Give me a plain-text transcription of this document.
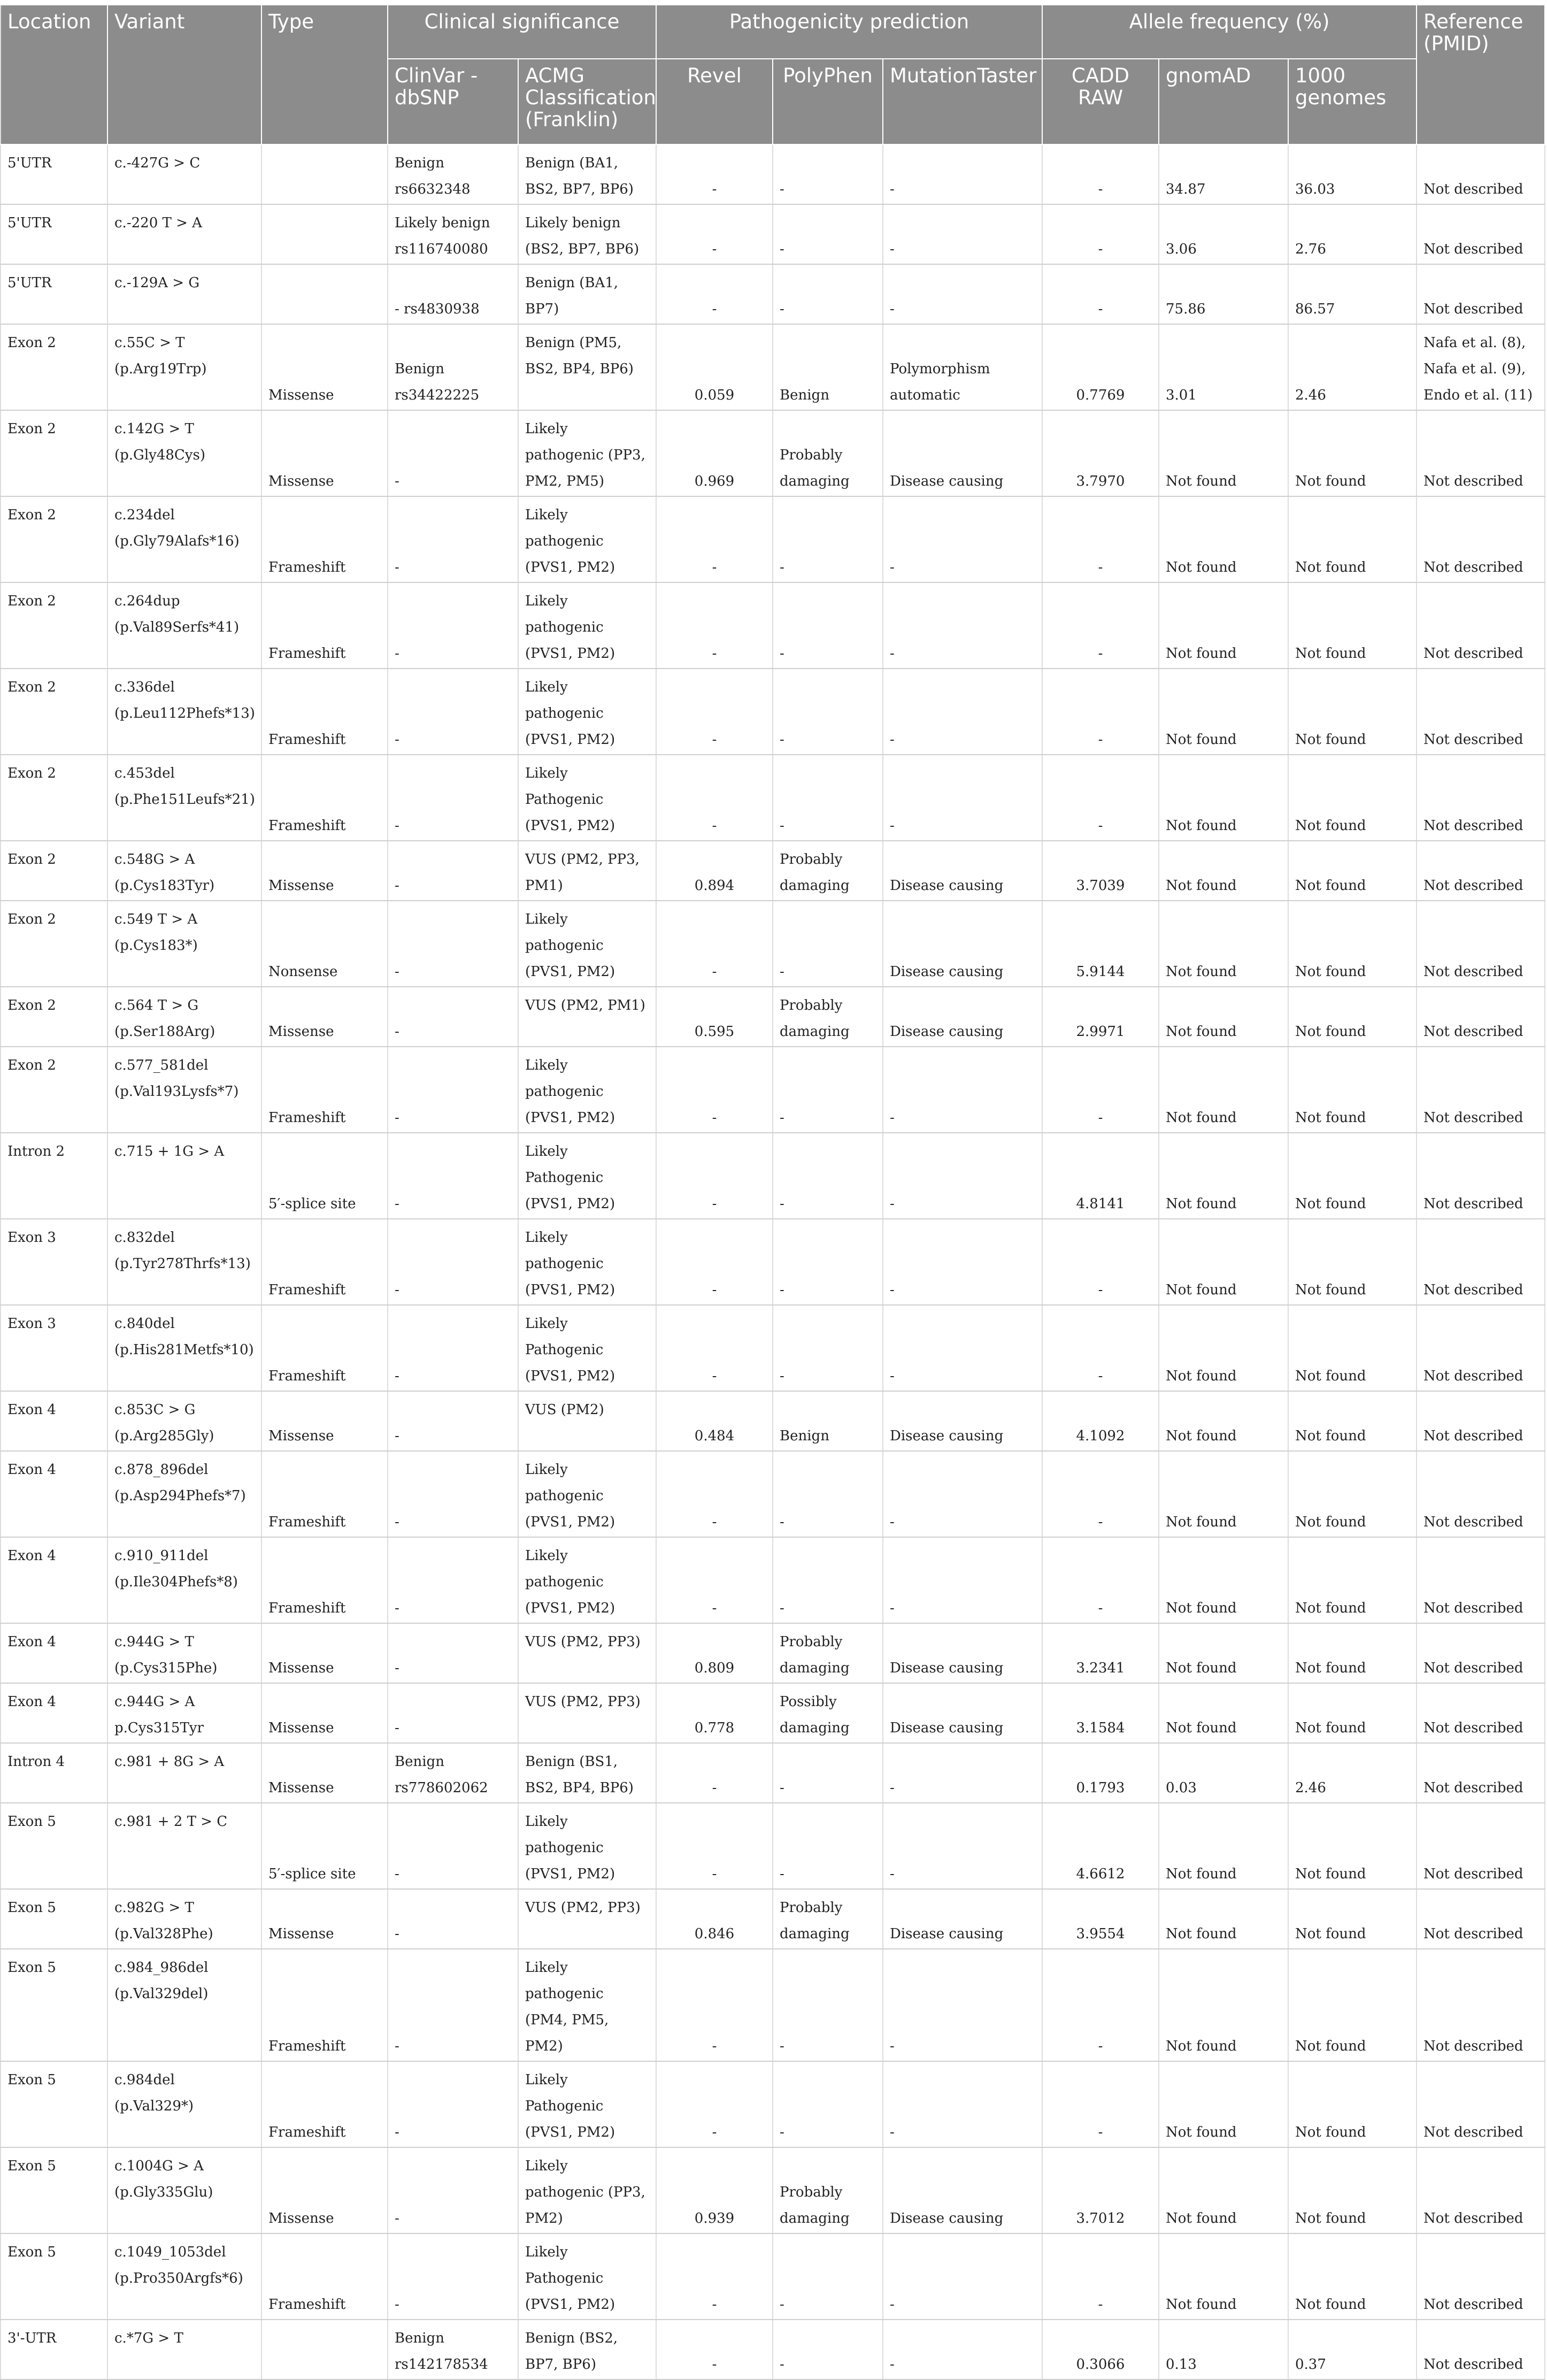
Location	Variant	Type	Clinical significance		Pathogenicity prediction			Allele frequency (%)			Reference (PMID)
			ClinVar - dbSNP	ACMG Classification (Franklin)	Revel	PolyPhen	MutationTaster	CADD RAW	gnomAD	1000 genomes	
5'UTR	c.-427G > C		Benign rs6632348	Benign (BA1, BS2, BP7, BP6)	-	-	-	-	34.87	36.03	Not described
5'UTR	c.-220 T > A		Likely benign rs116740080	Likely benign (BS2, BP7, BP6)	-	-	-	-	3.06	2.76	Not described
5'UTR	c.-129A > G		- rs4830938	Benign (BA1, BP7)	-	-	-	-	75.86	86.57	Not described
Exon 2	c.55C > T (p.Arg19Trp)	Missense	Benign rs34422225	Benign (PM5, BS2, BP4, BP6)	0.059	Benign	Polymorphism automatic	0.7769	3.01	2.46	Nafa et al. (8), Nafa et al. (9), Endo et al. (11)
Exon 2	c.142G > T (p.Gly48Cys)	Missense	-	Likely pathogenic (PP3, PM2, PM5)	0.969	Probably damaging	Disease causing	3.7970	Not found	Not found	Not described
Exon 2	c.234del (p.Gly79Alafs*16)	Frameshift	-	Likely pathogenic (PVS1, PM2)	-	-	-	-	Not found	Not found	Not described
Exon 2	c.264dup (p.Val89Serfs*41)	Frameshift	-	Likely pathogenic (PVS1, PM2)	-	-	-	-	Not found	Not found	Not described
Exon 2	c.336del (p.Leu112Phefs*13)	Frameshift	-	Likely pathogenic (PVS1, PM2)	-	-	-	-	Not found	Not found	Not described
Exon 2	c.453del (p.Phe151Leufs*21)	Frameshift	-	Likely Pathogenic (PVS1, PM2)	-	-	-	-	Not found	Not found	Not described
Exon 2	c.548G > A (p.Cys183Tyr)	Missense	-	VUS (PM2, PP3, PM1)	0.894	Probably damaging	Disease causing	3.7039	Not found	Not found	Not described
Exon 2	c.549 T > A (p.Cys183*)	Nonsense	-	Likely pathogenic (PVS1, PM2)	-	-	Disease causing	5.9144	Not found	Not found	Not described
Exon 2	c.564 T > G (p.Ser188Arg)	Missense	-	VUS (PM2, PM1)	0.595	Probably damaging	Disease causing	2.9971	Not found	Not found	Not described
Exon 2	c.577_581del (p.Val193Lysfs*7)	Frameshift	-	Likely pathogenic (PVS1, PM2)	-	-	-	-	Not found	Not found	Not described
Intron 2	c.715 + 1G > A	5′-splice site	-	Likely Pathogenic (PVS1, PM2)	-	-	-	4.8141	Not found	Not found	Not described
Exon 3	c.832del (p.Tyr278Thrfs*13)	Frameshift	-	Likely pathogenic (PVS1, PM2)	-	-	-	-	Not found	Not found	Not described
Exon 3	c.840del (p.His281Metfs*10)	Frameshift	-	Likely Pathogenic (PVS1, PM2)	-	-	-	-	Not found	Not found	Not described
Exon 4	c.853C > G (p.Arg285Gly)	Missense	-	VUS (PM2)	0.484	Benign	Disease causing	4.1092	Not found	Not found	Not described
Exon 4	c.878_896del (p.Asp294Phefs*7)	Frameshift	-	Likely pathogenic (PVS1, PM2)	-	-	-	-	Not found	Not found	Not described
Exon 4	c.910_911del (p.Ile304Phefs*8)	Frameshift	-	Likely pathogenic (PVS1, PM2)	-	-	-	-	Not found	Not found	Not described
Exon 4	c.944G > T (p.Cys315Phe)	Missense	-	VUS (PM2, PP3)	0.809	Probably damaging	Disease causing	3.2341	Not found	Not found	Not described
Exon 4	c.944G > A p.Cys315Tyr	Missense	-	VUS (PM2, PP3)	0.778	Possibly damaging	Disease causing	3.1584	Not found	Not found	Not described
Intron 4	c.981 + 8G > A	Missense	Benign rs778602062	Benign (BS1, BS2, BP4, BP6)	-	-	-	0.1793	0.03	2.46	Not described
Exon 5	c.981 + 2 T > C	5′-splice site	-	Likely pathogenic (PVS1, PM2)	-	-	-	4.6612	Not found	Not found	Not described
Exon 5	c.982G > T (p.Val328Phe)	Missense	-	VUS (PM2, PP3)	0.846	Probably damaging	Disease causing	3.9554	Not found	Not found	Not described
Exon 5	c.984_986del (p.Val329del)	Frameshift	-	Likely pathogenic (PM4, PM5, PM2)	-	-	-	-	Not found	Not found	Not described
Exon 5	c.984del (p.Val329*)	Frameshift	-	Likely Pathogenic (PVS1, PM2)	-	-	-	-	Not found	Not found	Not described
Exon 5	c.1004G > A (p.Gly335Glu)	Missense	-	Likely pathogenic (PP3, PM2)	0.939	Probably damaging	Disease causing	3.7012	Not found	Not found	Not described
Exon 5	c.1049_1053del (p.Pro350Argfs*6)	Frameshift	-	Likely Pathogenic (PVS1, PM2)	-	-	-	-	Not found	Not found	Not described
3'-UTR	c.*7G > T		Benign rs142178534	Benign (BS2, BP7, BP6)	-	-	-	0.3066	0.13	0.37	Not described
